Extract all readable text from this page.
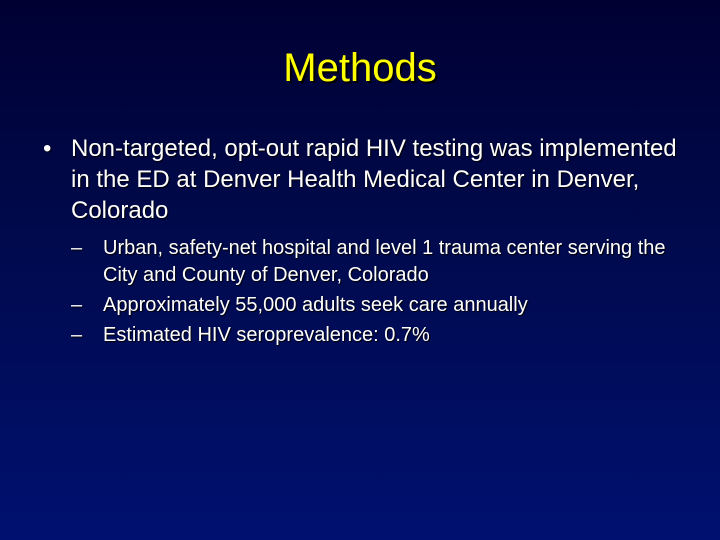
Methods
• Non-targeted, opt-out rapid HIV testing was implemented in the ED at Denver Health Medical Center in Denver, Colorado
– Urban, safety-net hospital and level 1 trauma center serving the City and County of Denver, Colorado
– Approximately 55,000 adults seek care annually
– Estimated HIV seroprevalence: 0.7%
